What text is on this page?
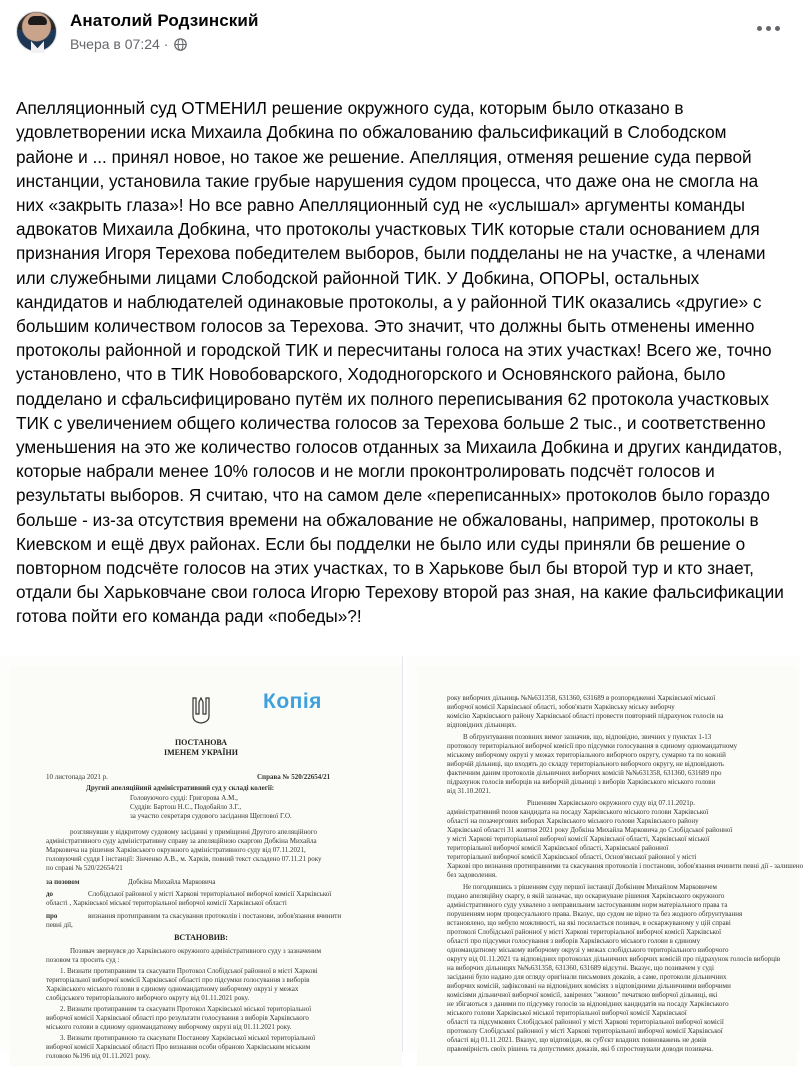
Анатолий Родзинский
Вчера в 07:24 ·

Апелляционный суд ОТМЕНИЛ решение окружного суда, которым было отказано в удовлетворении иска Михаила Добкина по обжалованию фальсификаций в Слободском районе и ... принял новое, но такое же решение. Апелляция, отменяя решение суда первой инстанции, установила такие грубые нарушения судом процесса, что даже она не смогла на них «закрыть глаза»! Но все равно Апелляционный суд не «услышал» аргументы команды адвокатов Михаила Добкина, что протоколы участковых ТИК которые стали основанием для признания Игоря Терехова победителем выборов, были подделаны не на участке, а членами или служебными лицами Слободской районной ТИК. У Добкина, ОПОРЫ, остальных кандидатов и наблюдателей одинаковые протоколы, а у районной ТИК оказались «другие» с большим количеством голосов за Терехова. Это значит, что должны быть отменены именно протоколы районной и городской ТИК и пересчитаны голоса на этих участках! Всего же, точно установлено, что в ТИК Новобоварского, Хододногорского и Основянского района, было подделано и сфальсифицировано путём их полного переписывания 62 протокола участковых ТИК с увеличением общего количества голосов за Терехова больше 2 тыс., и соответственно уменьшения на это же количество голосов отданных за Михаила Добкина и других кандидатов, которые набрали менее 10% голосов и не могли проконтролировать подсчёт голосов и результаты выборов. Я считаю, что на самом деле «переписанных» протоколов было гораздо больше - из-за отсутствия времени на обжалование не обжалованы, например, протоколы в Киевском и ещё двух районах. Если бы подделки не было или суды приняли бв решение о повторном подсчёте голосов на этих участках, то в Харькове был бы второй тур и кто знает, отдали бы Харьковчане свои голоса Игорю Терехову второй раз зная, на какие фальсификации готова пойти его команда ради «победы»?!

Копія
ПОСТАНОВА
ІМЕНЕМ УКРАЇНИ
10 листопада 2021 р.	Справа № 520/22654/21
Другий апеляційний адміністративний суд у складі колегії:
Головуючого судді: Григорова А.М.,
Суддів: Бартош Н.С., Подобайло З.Г.,
за участю секретаря судового засідання Щеглової Г.О.
розглянувши у відкритому судовому засіданні у приміщенні Другого апеляційного
адміністративного суду адміністративну справу за апеляційною скаргою Добкіна Михайла
Марковича на рішення Харківського окружного адміністративного суду від 07.11.2021,
головуючий суддя I інстанції: Зінченко А.В., м. Харків, повний текст складено 07.11.21 року
по справі № 520/22654/21
за позовом	Добкіна Михайла Марковича
до	Слобідської районної у місті Харкові територіальної виборчої комісії Харківської
області , Харківської міської територіальної виборчої комісії Харківської області
про	визнання протиправним та скасування протоколів і постанови, зобов'язання вчинити
певні дії,
ВСТАНОВИВ:
Позивач звернувся до Харківського окружного адміністративного суду з зазначеним
позовом та просить суд :
1. Визнати протиправним та скасувати Протокол Слобідської районної в місті Харкові
територіальної виборчої комісії Харківської області про підсумки голосування з виборів
Харківського міського голови в єдиному одномандатному виборчому окрузі у межах
слобідського територіального виборчого округу від 01.11.2021 року.
2. Визнати протиправним та скасувати Протокол Харківської міської територіальної
виборчої комісії Харківської області про результати голосування з виборів Харківського
міського голови в єдиному одномандатному виборчому окрузі від 01.11.2021 року.
3. Визнати протиправною та скасувати Постанову Харківської міської територіальної
виборчої комісії Харківської області Про визнання особи обраною Харківським міським
головою №196 від 01.11.2021 року.
року виборчих дільниць №№631358, 631360, 631689 в розпорядженні Харківської міської
виборчої комісії Харківської області, зобов'язати Харківську міську виборчу
комісію Харківського району Харківської області провести повторний підрахунок голосів на
відповідних дільницях.
В обґрунтування позовних вимог зазначив, що, відповідно, звичних у пунктах 1-13
протоколу територіальної виборчої комісії про підсумки голосування в єдиному одномандатному
міському виборчому окрузі у межах територіального виборчого округу, сумарно та по кожній
виборчій дільниці, що входять до складу територіального виборчого округу, не відповідають
фактичним даним протоколів дільничних виборчих комісій №№631358, 631360, 631689 про
підрахунок голосів виборців на виборчій дільниці з виборів Харківського міського голови
від 31.10.2021.
Рішенням Харківського окружного суду від 07.11.2021р.
адміністративний позов кандидата на посаду Харківського міського голови Харківської
області на позачергових виборах Харківського міського голови Харківського району
Харківської області 31 жовтня 2021 року Добкіна Михайла Марковича до Слобідської районної
у місті Харкові територіальної виборчої комісії Харківської області, Харківської міської
територіальної виборчої комісії Харківської області, Харківської районної
територіальної виборчої комісії Харківської області, Основ'янської районної у місті
Харкові про визнання протиправними та скасування протоколів і постанови, зобов'язання вчинити певні дії - залишено
без задоволення.
Не погодившись з рішенням суду першої інстанції Добкіним Михайлом Марковичем
подано апеляційну скаргу, в якій зазначає, що оскаржуване рішення Харківського окружного
адміністративного суду ухвалено з неправильним застосуванням норм матеріального права та
порушенням норм процесуального права. Вказує, що судом не вірно та без жодного обґрунтування
встановлено, що небуло можливості, на які посилається позивач, в оскаржуваному у цій справі
протоколі Слобідської районної у місті Харкові територіальної виборчої комісії Харківської
області про підсумки голосування з виборів Харківського міського голови в єдиному
одномандатному міському виборчому окрузі у межах слобідського територіального виборчого
округу від 01.11.2021 та відповідних протоколах дільничних виборчих комісій про підрахунок голосів виборців
на виборчих дільницях №№631358, 631360, 631689 відсутні. Вказує, що позивачем у суді
засіданні було надано для огляду оригінали письмових доказів, а саме, протоколи дільничних
виборчих комісій, зафіксовані на відповідних комісіях з відповідними дільничними виборчими
комісіями дільничної виборчої комісії, завірених "живою" печаткою виборчої дільниці, які
не збігаються з даними по підсумку голосів за відповідних кандидатів на посаду Харківського
міського голови Харківської міської територіальної виборчої комісії Харківської
області та підсумкових Слобідської районної у місті Харкові територіальної виборчої комісії
протоколу Слобідської районної у місті Харкові територіальної виборчої комісії Харківської
області від 01.11.2021. Вказує, що відповідач, як суб'єкт владних повноважень не довів
правомірність своїх рішень та допустимих доказів, які б спростовували доводи позивача.
